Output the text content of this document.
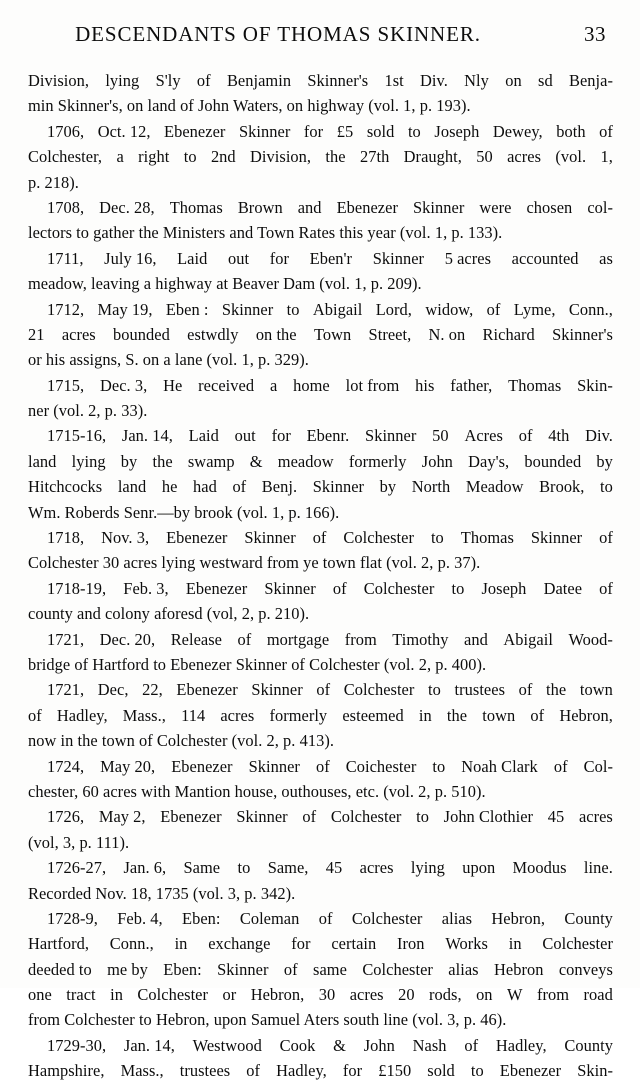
DESCENDANTS OF THOMAS SKINNER.	33
Division, lying S'ly of Benjamin Skinner's 1st Div. Nly on sd Benja-
min Skinner's, on land of John Waters, on highway (vol. 1, p. 193).
1706, Oct. 12, Ebenezer Skinner for £5 sold to Joseph Dewey, both of
Colchester, a right to 2nd Division, the 27th Draught, 50 acres (vol. 1,
p. 218).
1708, Dec. 28, Thomas Brown and Ebenezer Skinner were chosen col-
lectors to gather the Ministers and Town Rates this year (vol. 1, p. 133).
1711, July 16, Laid out for Eben'r Skinner 5 acres accounted as
meadow, leaving a highway at Beaver Dam (vol. 1, p. 209).
1712, May 19, Eben : Skinner to Abigail Lord, widow, of Lyme, Conn.,
21 acres bounded estwdly on the Town Street, N. on Richard Skinner's
or his assigns, S. on a lane (vol. 1, p. 329).
1715, Dec. 3, He received a home lot from his father, Thomas Skin-
ner (vol. 2, p. 33).
1715-16, Jan. 14, Laid out for Ebenr. Skinner 50 Acres of 4th Div.
land lying by the swamp & meadow formerly John Day's, bounded by
Hitchcocks land he had of Benj. Skinner by North Meadow Brook, to
Wm. Roberds Senr.—by brook (vol. 1, p. 166).
1718, Nov. 3, Ebenezer Skinner of Colchester to Thomas Skinner of
Colchester 30 acres lying westward from ye town flat (vol. 2, p. 37).
1718-19, Feb. 3, Ebenezer Skinner of Colchester to Joseph Datee of
county and colony aforesd (vol, 2, p. 210).
1721, Dec. 20, Release of mortgage from Timothy and Abigail Wood-
bridge of Hartford to Ebenezer Skinner of Colchester (vol. 2, p. 400).
1721, Dec, 22, Ebenezer Skinner of Colchester to trustees of the town
of Hadley, Mass., 114 acres formerly esteemed in the town of Hebron,
now in the town of Colchester (vol. 2, p. 413).
1724, May 20, Ebenezer Skinner of Coichester to Noah Clark of Col-
chester, 60 acres with Mantion house, outhouses, etc. (vol. 2, p. 510).
1726, May 2, Ebenezer Skinner of Colchester to John Clothier 45 acres
(vol, 3, p. 111).
1726-27, Jan. 6, Same to Same, 45 acres lying upon Moodus line.
Recorded Nov. 18, 1735 (vol. 3, p. 342).
1728-9, Feb. 4, Eben: Coleman of Colchester alias Hebron, County
Hartford, Conn., in exchange for certain Iron Works in Colchester
deeded to me by Eben: Skinner of same Colchester alias Hebron conveys
one tract in Colchester or Hebron, 30 acres 20 rods, on W from road
from Colchester to Hebron, upon Samuel Aters south line (vol. 3, p. 46).
1729-30, Jan. 14, Westwood Cook & John Nash of Hadley, County
Hampshire, Mass., trustees of Hadley, for £150 sold to Ebenezer Skin-
